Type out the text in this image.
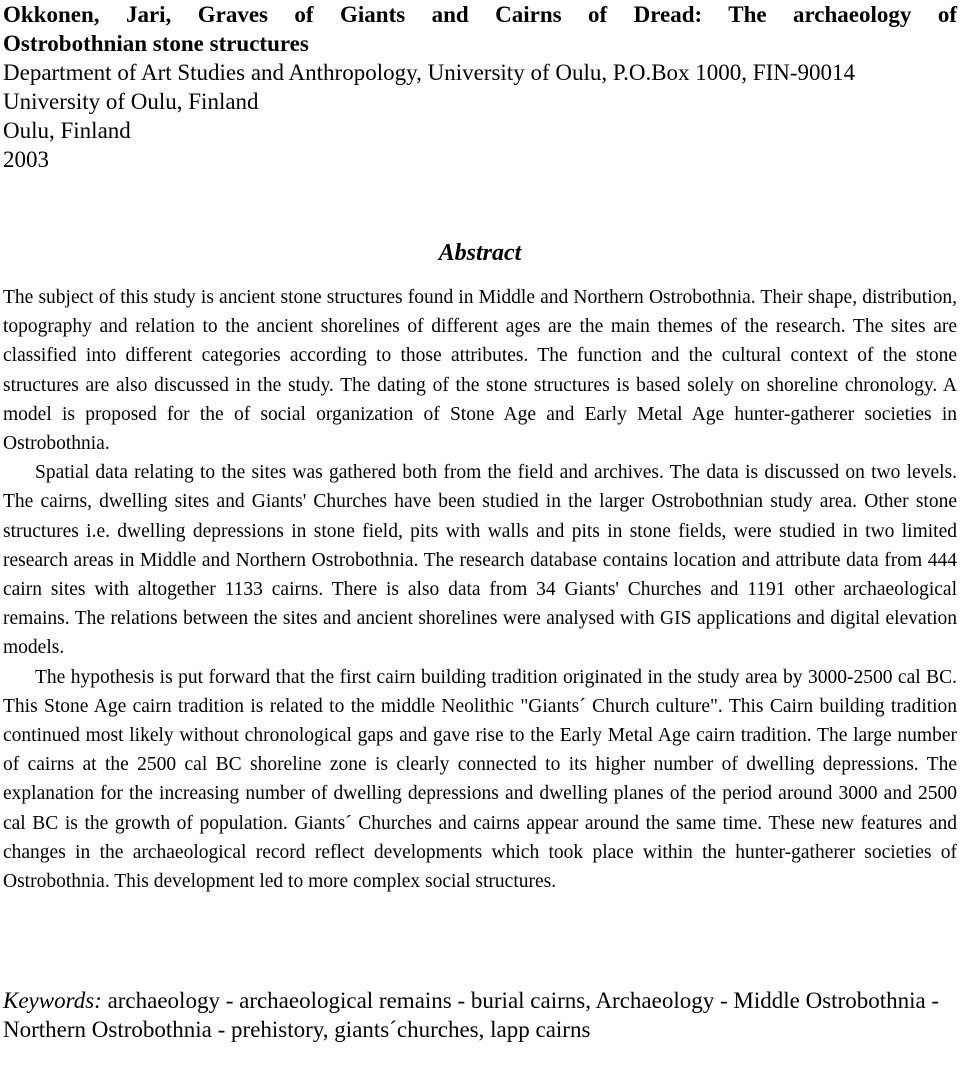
Okkonen, Jari, Graves of Giants and Cairns of Dread: The archaeology of
Ostrobothnian stone structures
Department of Art Studies and Anthropology, University of Oulu, P.O.Box 1000, FIN-90014
University of Oulu, Finland
Oulu, Finland
2003
Abstract

The subject of this study is ancient stone structures found in Middle and Northern Ostrobothnia. Their shape, distribution, topography and relation to the ancient shorelines of different ages are the main themes of the research. The sites are classified into different categories according to those attributes. The function and the cultural context of the stone structures are also discussed in the study. The dating of the stone structures is based solely on shoreline chronology. A model is proposed for the of social organization of Stone Age and Early Metal Age hunter-gatherer societies in Ostrobothnia.

Spatial data relating to the sites was gathered both from the field and archives. The data is discussed on two levels. The cairns, dwelling sites and Giants' Churches have been studied in the larger Ostrobothnian study area. Other stone structures i.e. dwelling depressions in stone field, pits with walls and pits in stone fields, were studied in two limited research areas in Middle and Northern Ostrobothnia. The research database contains location and attribute data from 444 cairn sites with altogether 1133 cairns. There is also data from 34 Giants' Churches and 1191 other archaeological remains. The relations between the sites and ancient shorelines were analysed with GIS applications and digital elevation models.

The hypothesis is put forward that the first cairn building tradition originated in the study area by 3000-2500 cal BC. This Stone Age cairn tradition is related to the middle Neolithic "Giants´ Church culture". This Cairn building tradition continued most likely without chronological gaps and gave rise to the Early Metal Age cairn tradition. The large number of cairns at the 2500 cal BC shoreline zone is clearly connected to its higher number of dwelling depressions. The explanation for the increasing number of dwelling depressions and dwelling planes of the period around 3000 and 2500 cal BC is the growth of population. Giants´ Churches and cairns appear around the same time. These new features and changes in the archaeological record reflect developments which took place within the hunter-gatherer societies of Ostrobothnia. This development led to more complex social structures.

Keywords: archaeology - archaeological remains - burial cairns, Archaeology - Middle Ostrobothnia - Northern Ostrobothnia - prehistory, giants´churches, lapp cairns
